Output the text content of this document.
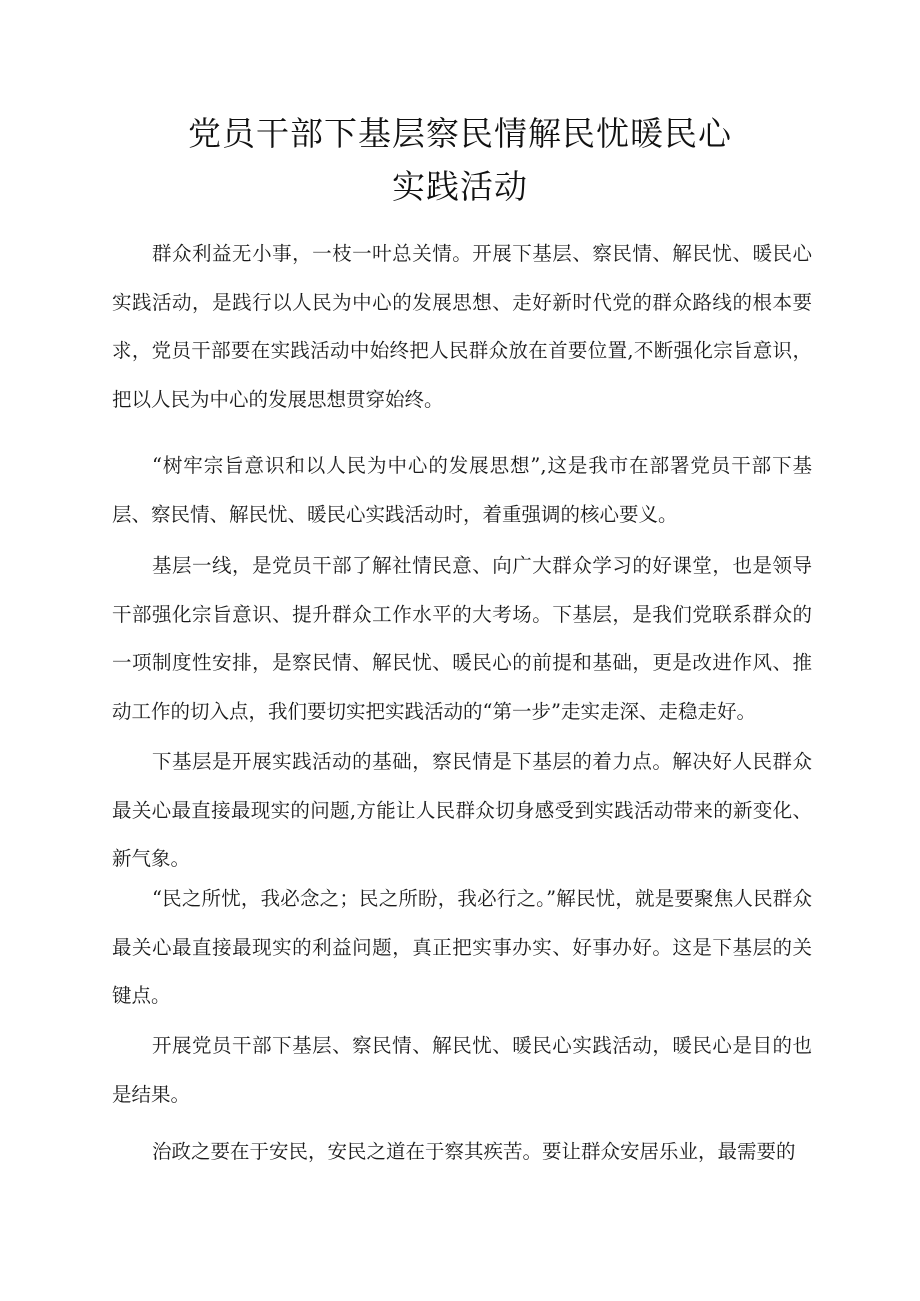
党员干部下基层察民情解民忧暖民心
实践活动

群众利益无小事，一枝一叶总关情。开展下基层、察民情、解民忧、暖民心实践活动，是践行以人民为中心的发展思想、走好新时代党的群众路线的根本要求，党员干部要在实践活动中始终把人民群众放在首要位置,不断强化宗旨意识，把以人民为中心的发展思想贯穿始终。

“树牢宗旨意识和以人民为中心的发展思想”,这是我市在部署党员干部下基层、察民情、解民忧、暖民心实践活动时，着重强调的核心要义。

基层一线，是党员干部了解社情民意、向广大群众学习的好课堂，也是领导干部强化宗旨意识、提升群众工作水平的大考场。下基层，是我们党联系群众的一项制度性安排，是察民情、解民忧、暖民心的前提和基础，更是改进作风、推动工作的切入点，我们要切实把实践活动的“第一步”走实走深、走稳走好。

下基层是开展实践活动的基础，察民情是下基层的着力点。解决好人民群众最关心最直接最现实的问题,方能让人民群众切身感受到实践活动带来的新变化、新气象。

“民之所忧，我必念之；民之所盼，我必行之。”解民忧，就是要聚焦人民群众最关心最直接最现实的利益问题，真正把实事办实、好事办好。这是下基层的关键点。

开展党员干部下基层、察民情、解民忧、暖民心实践活动，暖民心是目的也是结果。

治政之要在于安民，安民之道在于察其疾苦。要让群众安居乐业，最需要的
